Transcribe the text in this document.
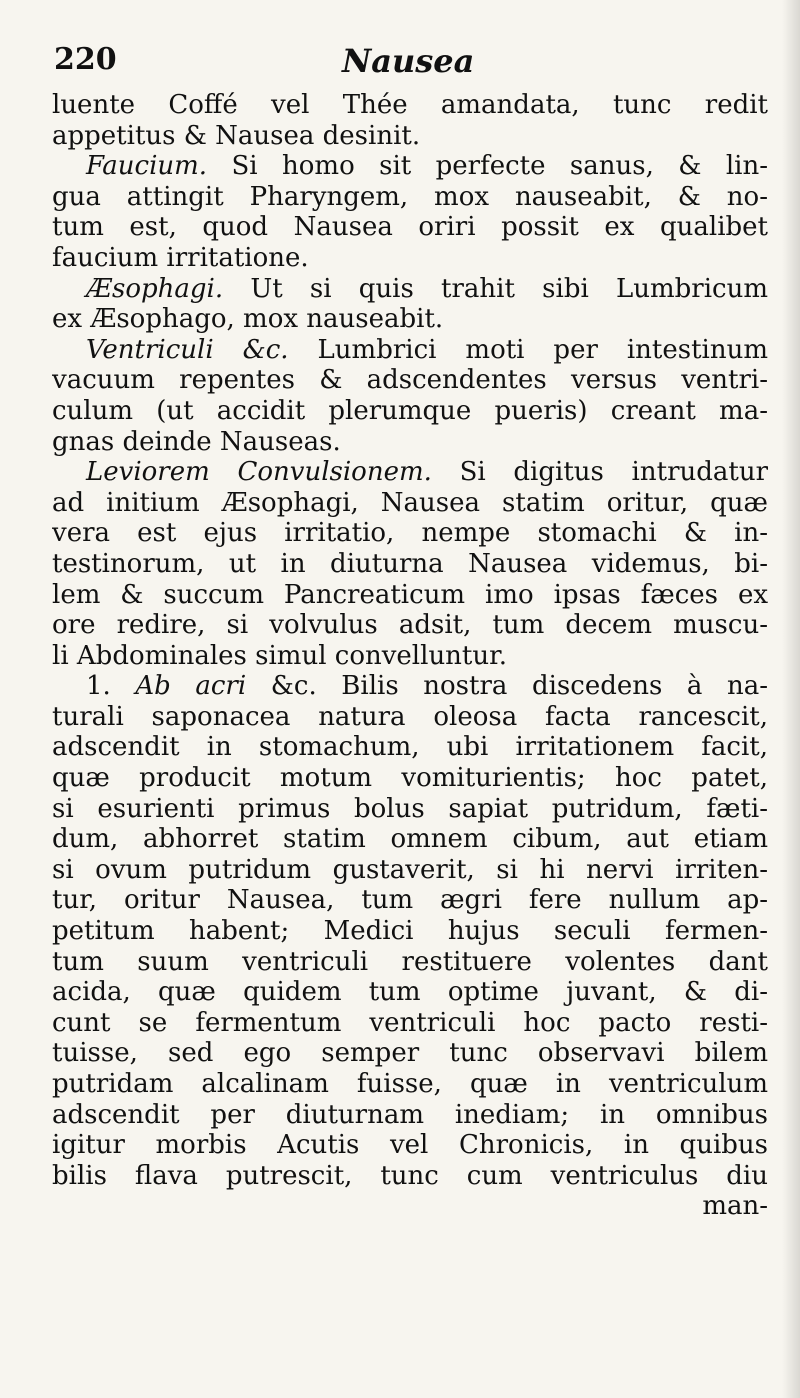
220	Nausea
luente Coffé vel Thée amandata, tunc redit
appetitus & Nausea desinit.
Faucium. Si homo sit perfecte sanus, & lin-
gua attingit Pharyngem, mox nauseabit, & no-
tum est, quod Nausea oriri possit ex qualibet
faucium irritatione.
Æsophagi. Ut si quis trahit sibi Lumbricum
ex Æsophago, mox nauseabit.
Ventriculi &c. Lumbrici moti per intestinum
vacuum repentes & adscendentes versus ventri-
culum (ut accidit plerumque pueris) creant ma-
gnas deinde Nauseas.
Leviorem Convulsionem. Si digitus intrudatur
ad initium Æsophagi, Nausea statim oritur, quæ
vera est ejus irritatio, nempe stomachi & in-
testinorum, ut in diuturna Nausea videmus, bi-
lem & succum Pancreaticum imo ipsas fæces ex
ore redire, si volvulus adsit, tum decem muscu-
li Abdominales simul convelluntur.
1. Ab acri &c. Bilis nostra discedens à na-
turali saponacea natura oleosa facta rancescit,
adscendit in stomachum, ubi irritationem facit,
quæ producit motum vomiturientis; hoc patet,
si esurienti primus bolus sapiat putridum, fæti-
dum, abhorret statim omnem cibum, aut etiam
si ovum putridum gustaverit, si hi nervi irriten-
tur, oritur Nausea, tum ægri fere nullum ap-
petitum habent; Medici hujus seculi fermen-
tum suum ventriculi restituere volentes dant
acida, quæ quidem tum optime juvant, & di-
cunt se fermentum ventriculi hoc pacto resti-
tuisse, sed ego semper tunc observavi bilem
putridam alcalinam fuisse, quæ in ventriculum
adscendit per diuturnam inediam; in omnibus
igitur morbis Acutis vel Chronicis, in quibus
bilis flava putrescit, tunc cum ventriculus diu
man-
